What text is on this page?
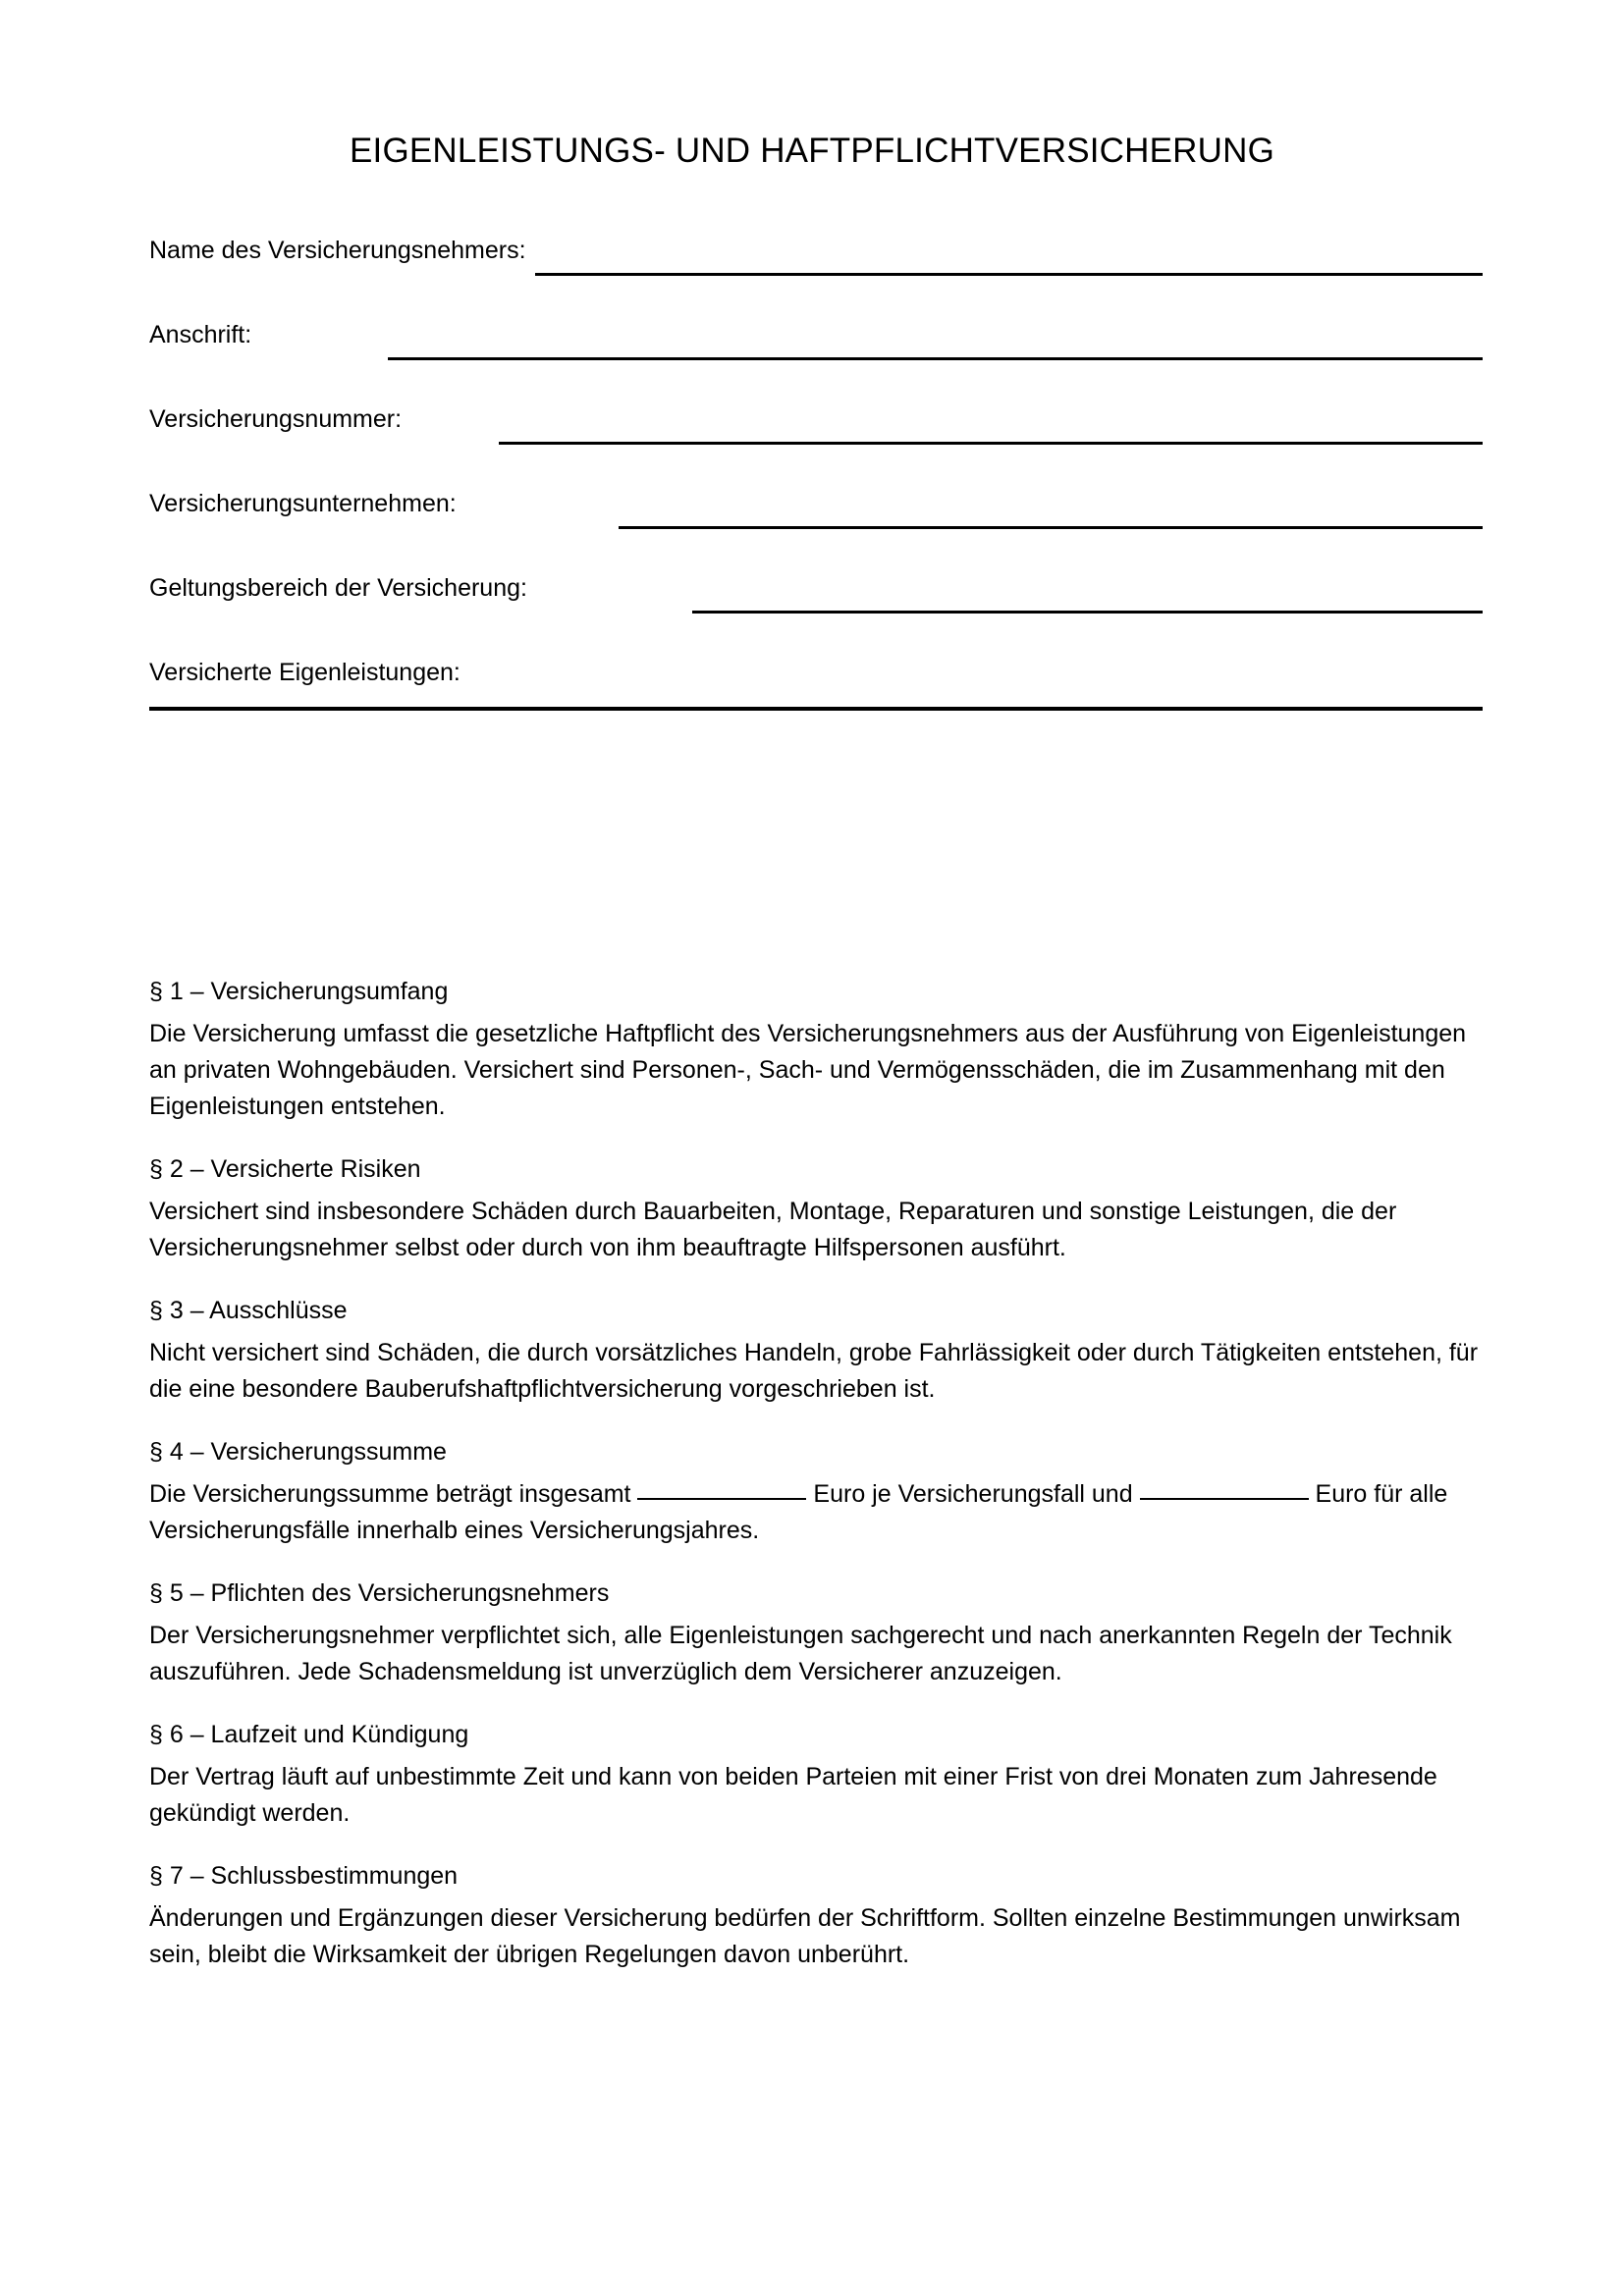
EIGENLEISTUNGS- UND HAFTPFLICHTVERSICHERUNG
Name des Versicherungsnehmers:
Anschrift:
Versicherungsnummer:
Versicherungsunternehmen:
Geltungsbereich der Versicherung:
Versicherte Eigenleistungen:

§ 1 – Versicherungsumfang

Die Versicherung umfasst die gesetzliche Haftpflicht des Versicherungsnehmers aus der Ausführung von Eigenleistungen an privaten Wohngebäuden. Versichert sind Personen-, Sach- und Vermögensschäden, die im Zusammenhang mit den Eigenleistungen entstehen.

§ 2 – Versicherte Risiken

Versichert sind insbesondere Schäden durch Bauarbeiten, Montage, Reparaturen und sonstige Leistungen, die der Versicherungsnehmer selbst oder durch von ihm beauftragte Hilfspersonen ausführt.

§ 3 – Ausschlüsse

Nicht versichert sind Schäden, die durch vorsätzliches Handeln, grobe Fahrlässigkeit oder durch Tätigkeiten entstehen, für die eine besondere Bauberufshaftpflichtversicherung vorgeschrieben ist.

§ 4 – Versicherungssumme

Die Versicherungssumme beträgt insgesamt	Euro je Versicherungsfall und	Euro für alle Versicherungsfälle innerhalb eines Versicherungsjahres.

§ 5 – Pflichten des Versicherungsnehmers

Der Versicherungsnehmer verpflichtet sich, alle Eigenleistungen sachgerecht und nach anerkannten Regeln der Technik auszuführen. Jede Schadensmeldung ist unverzüglich dem Versicherer anzuzeigen.

§ 6 – Laufzeit und Kündigung

Der Vertrag läuft auf unbestimmte Zeit und kann von beiden Parteien mit einer Frist von drei Monaten zum Jahresende gekündigt werden.

§ 7 – Schlussbestimmungen

Änderungen und Ergänzungen dieser Versicherung bedürfen der Schriftform. Sollten einzelne Bestimmungen unwirksam sein, bleibt die Wirksamkeit der übrigen Regelungen davon unberührt.
